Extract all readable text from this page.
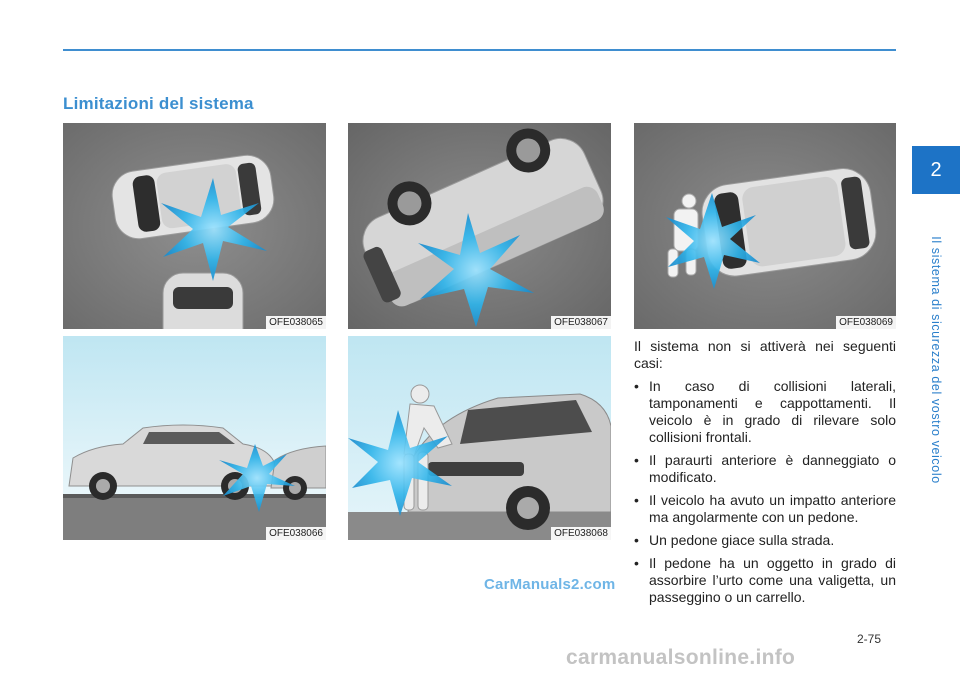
Limitazioni del sistema
2
Il sistema di sicurezza del vostro veicolo
OFE038065	OFE038067	OFE038069
OFE038066	OFE038068

Il sistema non si attiverà nei seguenti casi:

• In caso di collisioni laterali, tamponamenti e cappottamenti. Il veicolo è in grado di rilevare solo collisioni frontali.
• Il paraurti anteriore è danneggiato o modificato.
• Il veicolo ha avuto un impatto anteriore ma angolarmente con un pedone.
• Un pedone giace sulla strada.
• Il pedone ha un oggetto in grado di assorbire l’urto come una valigetta, un passeggino o un carrello.
CarManuals2.com
2-75
carmanualsonline.info
